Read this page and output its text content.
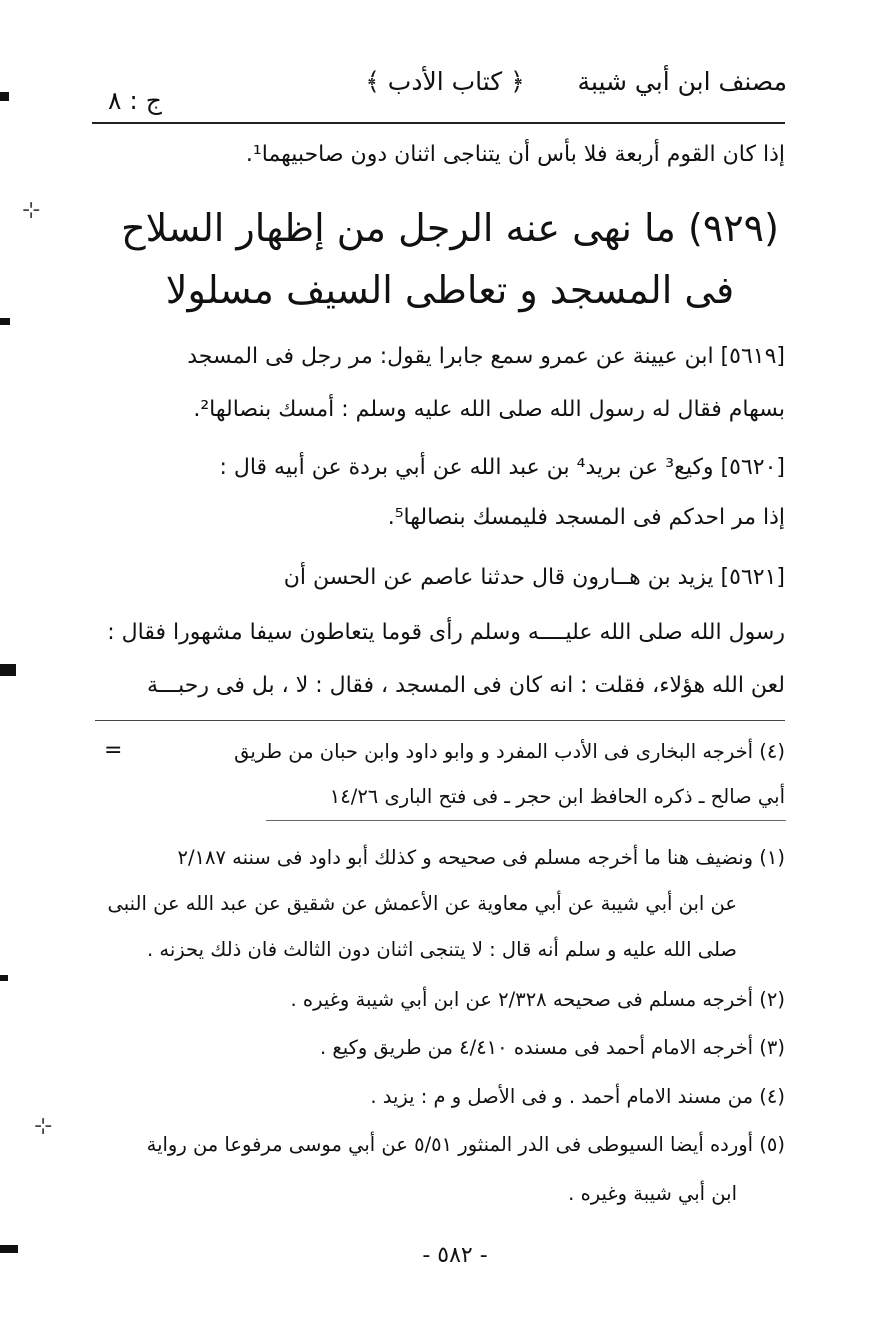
⊹
⊹
مصنف ابن أبي شيبة
﴿ كتاب الأدب ﴾
ج : ٨
إذا كان القوم أربعة فلا بأس أن يتناجى اثنان دون صاحبيهما¹.
(٩٢٩) ما نهى عنه الرجل من إظهار السلاح
فى المسجد و تعاطى السيف مسلولا
[٥٦١٩] ابن عيينة عن عمرو سمع جابرا يقول: مر رجل فى المسجد
بسهام فقال له رسول الله صلى الله عليه وسلم : أمسك بنصالها².
[٥٦٢٠] وكيع³ عن بريد⁴ بن عبد الله عن أبي بردة عن أبيه قال :
إذا مر احدكم فى المسجد فليمسك بنصالها⁵.
[٥٦٢١] يزيد بن هــارون قال حدثنا عاصم عن الحسن أن
رسول الله صلى الله عليــــه وسلم رأى قوما يتعاطون سيفا مشهورا فقال :
لعن الله هؤلاء، فقلت : انه كان فى المسجد ، فقال : لا ، بل فى رحبـــة
=	(٤) أخرجه البخارى فى الأدب المفرد و وابو داود وابن حبان من طريق
أبي صالح ـ ذكره الحافظ ابن حجر ـ فى فتح البارى ١٤/٢٦
(١) ونضيف هنا ما أخرجه مسلم فى صحيحه و كذلك أبو داود فى سننه ٢/١٨٧
عن ابن أبي شيبة عن أبي معاوية عن الأعمش عن شقيق عن عبد الله عن النبى
صلى الله عليه و سلم أنه قال : لا يتنجى اثنان دون الثالث فان ذلك يحزنه .
(٢) أخرجه مسلم فى صحيحه ٢/٣٢٨ عن ابن أبي شيبة وغيره .
(٣) أخرجه الامام أحمد فى مسنده ٤/٤١٠ من طريق وكيع .
(٤) من مسند الامام أحمد . و فى الأصل و م : يزيد .
(٥) أورده أيضا السيوطى فى الدر المنثور ٥/٥١ عن أبي موسى مرفوعا من رواية
ابن أبي شيبة وغيره .
- ٥٨٢ -
